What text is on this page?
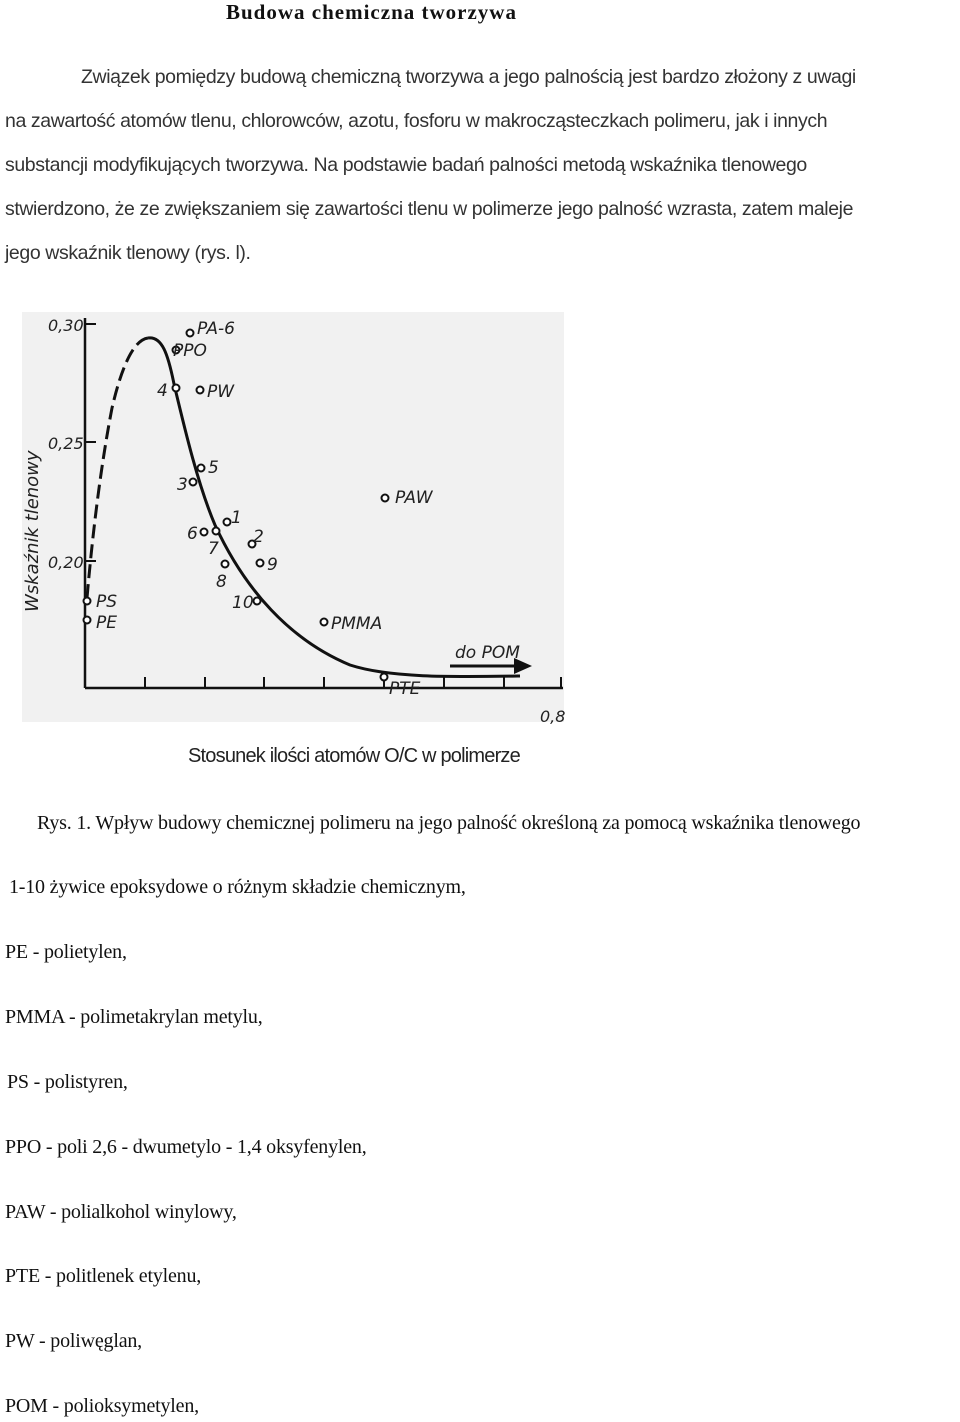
Budowa chemiczna tworzywa
Związek pomiędzy budową chemiczną tworzywa a jego palnością jest bardzo złożony z uwagi
na zawartość atomów tlenu, chlorowców, azotu, fosforu w makrocząsteczkach polimeru, jak i innych
substancji modyfikujących tworzywa. Na podstawie badań palności metodą wskaźnika tlenowego
stwierdzono, że ze zwiększaniem się zawartości tlenu w polimerze jego palność wzrasta, zatem maleje
jego wskaźnik tlenowy (rys. l).
0,30
0,25
0,20
0,8
Wskaźnik tlenowy
do POM
PA-6
PPO
4 PW
5
3
PAW
1
6	2
7
9
8
10
PS
PE	PMMA
PTE
Stosunek ilości atomów O/C w polimerze
Rys. 1. Wpływ budowy chemicznej polimeru na jego palność określoną za pomocą wskaźnika tlenowego
1-10 żywice epoksydowe o różnym składzie chemicznym,
PE - polietylen,
PMMA - polimetakrylan metylu,
PS - polistyren,
PPO - poli 2,6 - dwumetylo - 1,4 oksyfenylen,
PAW - polialkohol winylowy,
PTE - politlenek etylenu,
PW - poliwęglan,
POM - polioksymetylen,
